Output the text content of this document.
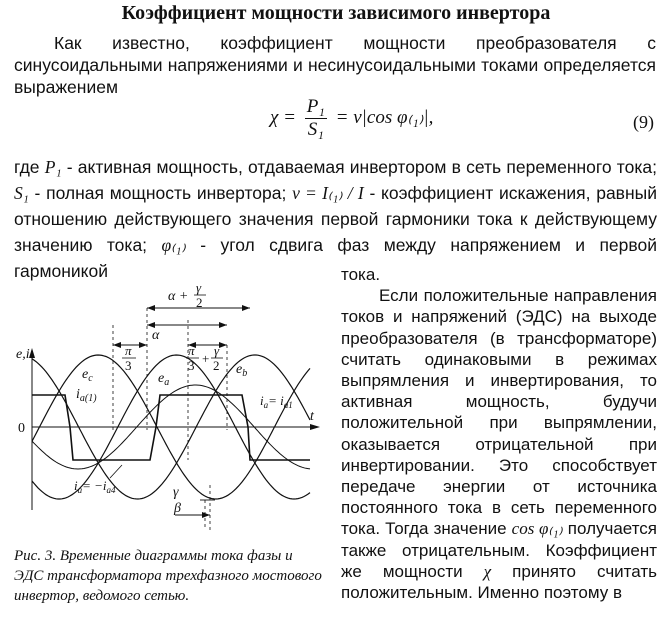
Коэффициент мощности зависимого инвертора
Как известно, коэффициент мощности преобразователя с синусоидальными напряжениями и несинусоидальными токами определяется выражением
$\chi = \frac{\text{P₁}}{\text{S₁}} = \nu|\cos$ φ₍₁₎|,	(9)
где P₁ - активная мощность, отдаваемая инвертором в сеть переменного тока; S₁ - полная мощность инвертора; ν = I₍₁₎ / I - коэффициент искажения, равный отношению действующего значения первой гармоники тока к действующему значению тока; φ₍₁₎ - угол сдвига фаз между напряжением и первой гармоникой	тока.
Если положительные направления токов и напряжений (ЭДС) на выходе преобразователя (в трансформаторе) считать одинаковыми в режимах выпрямления и инвертирования, то активная мощность, будучи положительной при выпрямлении, оказывается отрицательной при инвертировании. Это способствует передаче энергии от источника постоянного тока в сеть переменного тока. Тогда значение cos φ₍₁₎ получается также отрицательным. Коэффициент же мощности χ принято считать положительным. Именно поэтому в
e,i
0
t
α +
γ
2
α
π
3
π
3 +
γ
2
$e_c$	$e_a$
$e_b$
$i_{a(1)}$	$i_a= i_{a1}$
$i_a= -i_{a4}$	γ
β
Рис. 3. Временные диаграммы тока фазы и ЭДС трансформатора трехфазного мостового инвертор, ведомого сетью.
